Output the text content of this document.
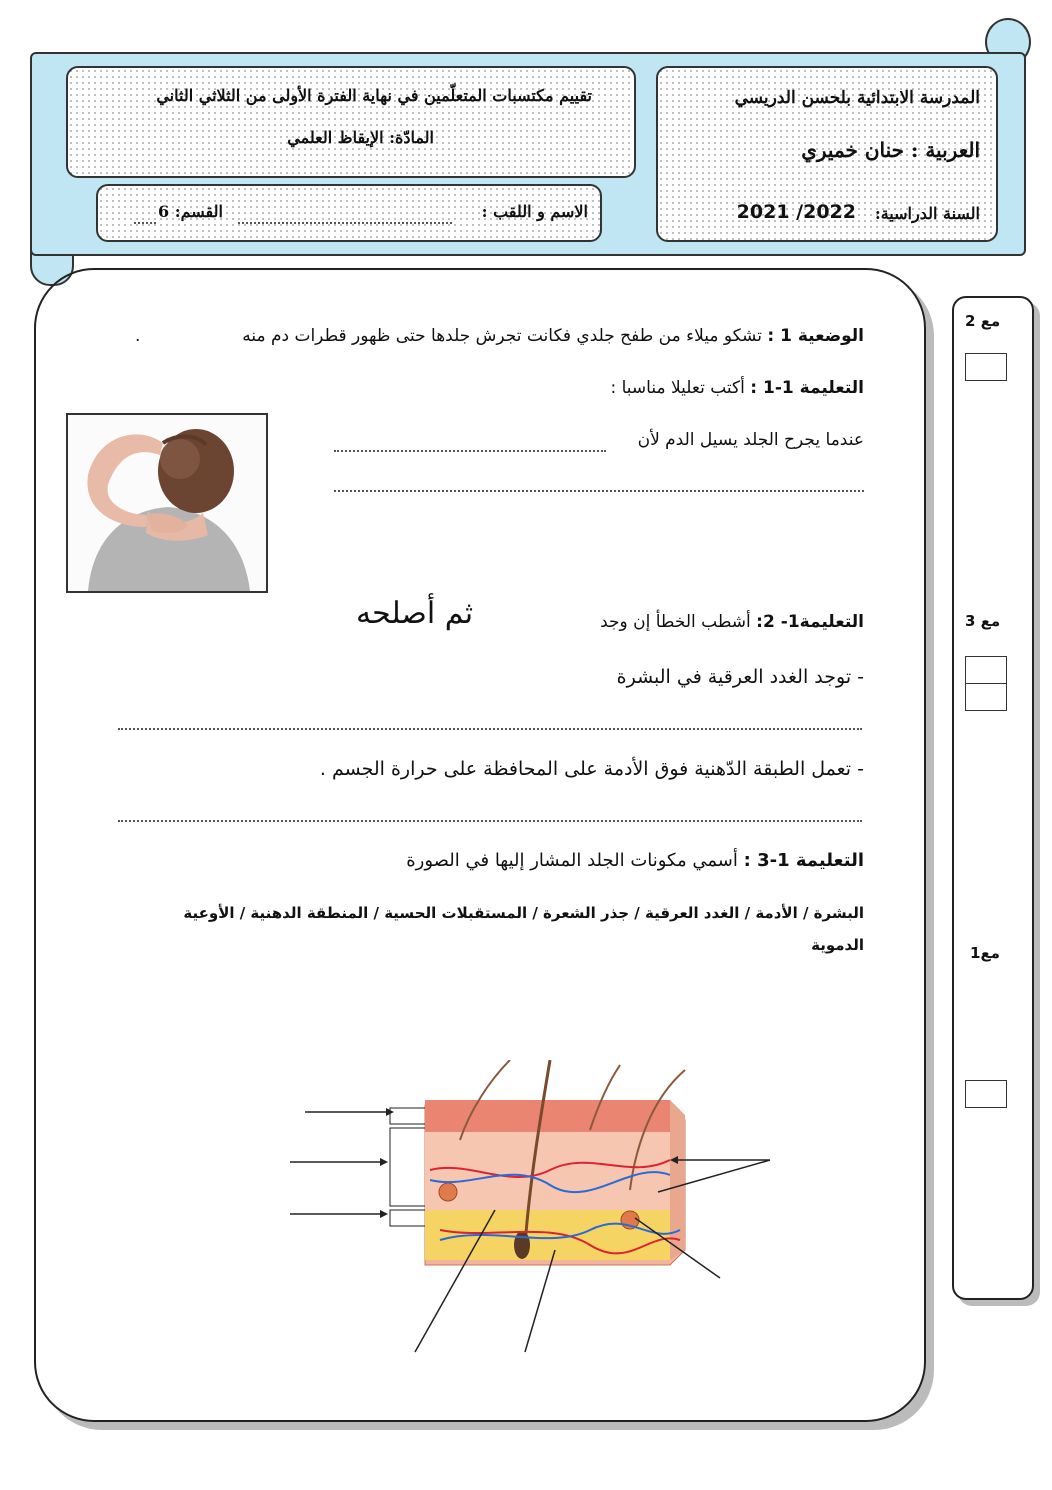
تقييم مكتسبات المتعلّمين في نهاية الفترة الأولى من الثلاثي الثاني
المادّة: الإيقاظ العلمي
الاسم و اللقب :
القسم: 6
المدرسة الابتدائية بلحسن الدريسي
العربية : حنان خميري
السنة الدراسية:
2021 /2022
الوضعية 1 : تشكو ميلاء من طفح جلدي فكانت تجرش جلدها حتى ظهور قطرات دم منه
.
التعليمة 1-1 : أكتب تعليلا مناسبا :
عندما يجرح الجلد يسيل الدم لأن
التعليمة1- 2: أشطب الخطأ إن وجد
ثم أصلحه
- توجد الغدد العرقية في البشرة
- تعمل الطبقة الدّهنية فوق الأدمة على المحافظة على حرارة الجسم .
التعليمة 1-3 : أسمي مكونات الجلد المشار إليها في الصورة
البشرة / الأدمة / الغدد العرقية / جذر الشعرة / المستقبلات الحسية / المنطقة الدهنية / الأوعية
الدموية
مع 2
مع 3
مع1
